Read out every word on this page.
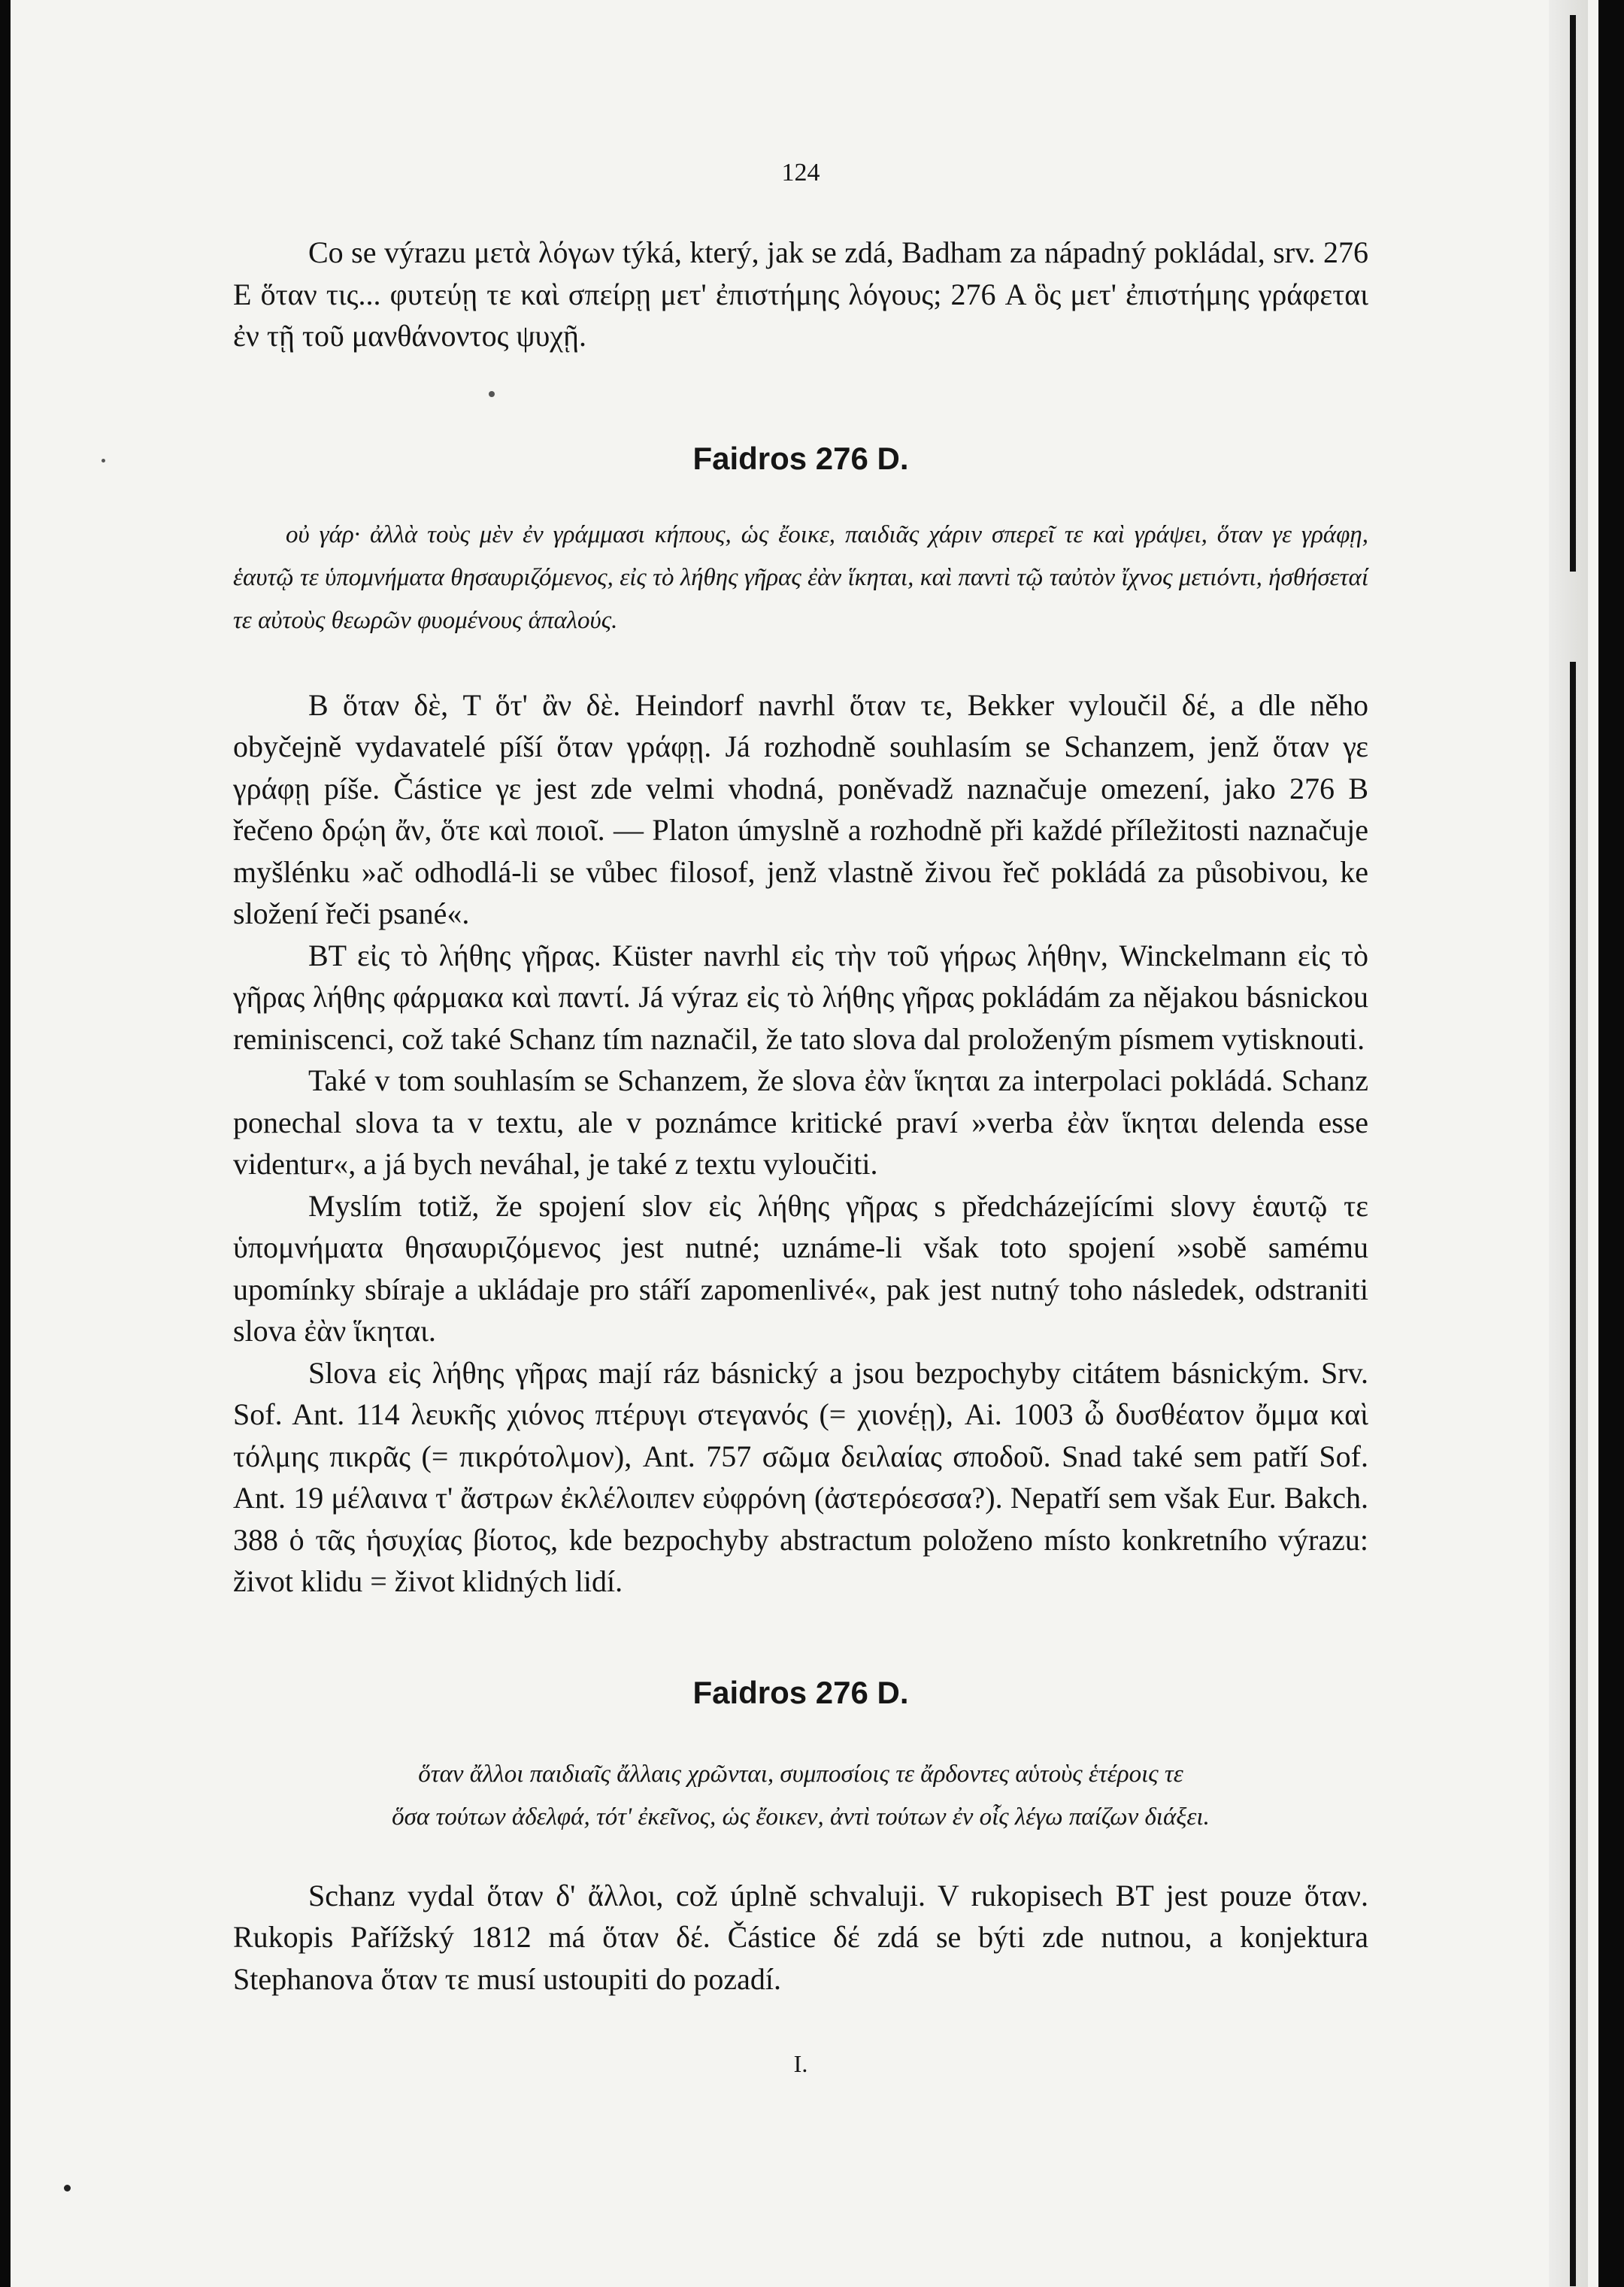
124

Co se výrazu μετὰ λόγων týká, který, jak se zdá, Badham za nápadný pokládal, srv. 276 E ὅταν τις... φυτεύῃ τε καὶ σπείρῃ μετ' ἐπιστήμης λόγους; 276 A ὃς μετ' ἐπιστήμης γράφεται ἐν τῇ τοῦ μανθάνοντος ψυχῇ.

Faidros 276 D.

οὐ γάρ· ἀλλὰ τοὺς μὲν ἐν γράμμασι κήπους, ὡς ἔοικε, παιδιᾶς χάριν σπερεῖ τε καὶ γράψει, ὅταν γε γράφῃ, ἑαυτῷ τε ὑπομνήματα θησαυριζόμενος, εἰς τὸ λήθης γῆρας ἐὰν ἵκηται, καὶ παντὶ τῷ ταὐτὸν ἴχνος μετιόντι, ἡσθήσεταί τε αὐτοὺς θεωρῶν φυομένους ἁπαλούς.

B ὅταν δὲ, T ὅτ' ἂν δὲ. Heindorf navrhl ὅταν τε, Bekker vyloučil δέ, a dle něho obyčejně vydavatelé píší ὅταν γράφῃ. Já rozhodně souhlasím se Schanzem, jenž ὅταν γε γράφῃ píše. Částice γε jest zde velmi vhodná, poněvadž naznačuje omezení, jako 276 B řečeno δρῴη ἄν, ὅτε καὶ ποιοῖ. — Platon úmyslně a rozhodně při každé příležitosti naznačuje myšlénku »ač odhodlá-li se vůbec filosof, jenž vlastně živou řeč pokládá za působivou, ke složení řeči psané«.

BT εἰς τὸ λήθης γῆρας. Küster navrhl εἰς τὴν τοῦ γήρως λήθην, Winckelmann εἰς τὸ γῆρας λήθης φάρμακα καὶ παντί. Já výraz εἰς τὸ λήθης γῆρας pokládám za nějakou básnickou reminiscenci, což také Schanz tím naznačil, že tato slova dal proloženým písmem vytisknouti.

Také v tom souhlasím se Schanzem, že slova ἐὰν ἵκηται za interpolaci pokládá. Schanz ponechal slova ta v textu, ale v poznámce kritické praví »verba ἐὰν ἵκηται delenda esse videntur«, a já bych neváhal, je také z textu vyloučiti.

Myslím totiž, že spojení slov εἰς λήθης γῆρας s předcházejícími slovy ἑαυτῷ τε ὑπομνήματα θησαυριζόμενος jest nutné; uznáme-li však toto spojení »sobě samému upomínky sbíraje a ukládaje pro stáří zapomenlivé«, pak jest nutný toho následek, odstraniti slova ἐὰν ἵκηται.

Slova εἰς λήθης γῆρας mají ráz básnický a jsou bezpochyby citátem básnickým. Srv. Sof. Ant. 114 λευκῆς χιόνος πτέρυγι στεγανός (= χιονέῃ), Ai. 1003 ὦ δυσθέατον ὄμμα καὶ τόλμης πικρᾶς (= πικρότολμον), Ant. 757 σῶμα δειλαίας σποδοῦ. Snad také sem patří Sof. Ant. 19 μέλαινα τ' ἄστρων ἐκλέλοιπεν εὐφρόνη (ἀστερόεσσα?). Nepatří sem však Eur. Bakch. 388 ὁ τᾶς ἡσυχίας βίοτος, kde bezpochyby abstractum položeno místo konkretního výrazu: život klidu = život klidných lidí.

Faidros 276 D.
ὅταν ἄλλοι παιδιαῖς ἄλλαις χρῶνται, συμποσίοις τε ἄρδοντες αὑτοὺς ἑτέροις τε
ὅσα τούτων ἀδελφά, τότ' ἐκεῖνος, ὡς ἔοικεν, ἀντὶ τούτων ἐν οἷς λέγω παίζων διάξει.

Schanz vydal ὅταν δ' ἄλλοι, což úplně schvaluji. V rukopisech BT jest pouze ὅταν. Rukopis Pařížský 1812 má ὅταν δέ. Částice δέ zdá se býti zde nutnou, a konjektura Stephanova ὅταν τε musí ustoupiti do pozadí.

I.
